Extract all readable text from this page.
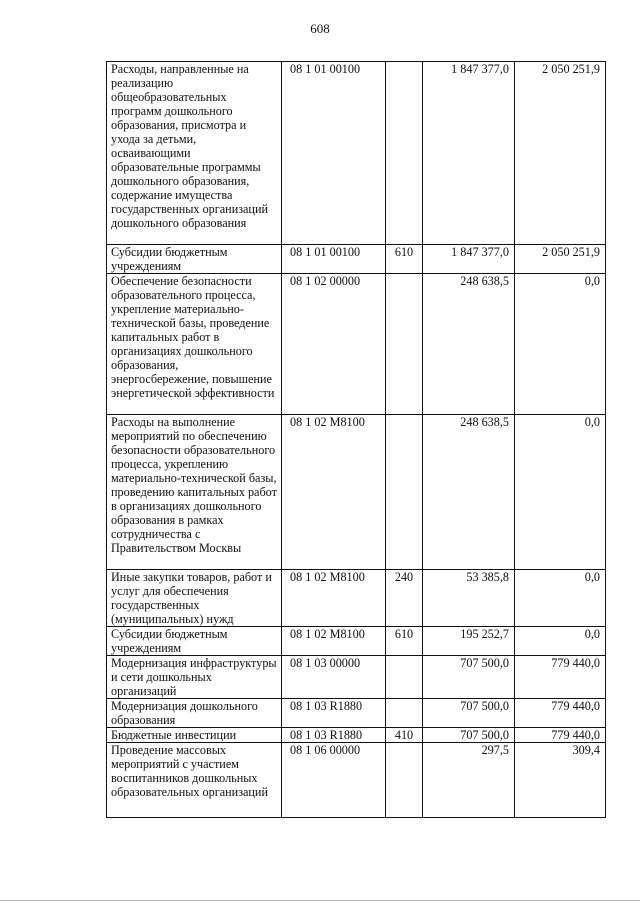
608
Расходы, направленные на реализацию общеобразовательных программ дошкольного образования, присмотра и ухода за детьми, осваивающими образовательные программы дошкольного образования, содержание имущества государственных организаций дошкольного образования	08 1 01 00100		1 847 377,0	2 050 251,9
Субсидии бюджетным учреждениям	08 1 01 00100	610	1 847 377,0	2 050 251,9
Обеспечение безопасности образовательного процесса, укрепление материально-технической базы, проведение капитальных работ в организациях дошкольного образования, энергосбережение, повышение энергетической эффективности	08 1 02 00000		248 638,5	0,0
Расходы на выполнение мероприятий по обеспечению безопасности образовательного процесса, укреплению материально-технической базы, проведению капитальных работ в организациях дошкольного образования в рамках сотрудничества с Правительством Москвы	08 1 02 M8100		248 638,5	0,0
Иные закупки товаров, работ и услуг для обеспечения государственных (муниципальных) нужд	08 1 02 M8100	240	53 385,8	0,0
Субсидии бюджетным учреждениям	08 1 02 M8100	610	195 252,7	0,0
Модернизация инфраструктуры и сети дошкольных организаций	08 1 03 00000		707 500,0	779 440,0
Модернизация дошкольного образования	08 1 03 R1880		707 500,0	779 440,0
Бюджетные инвестиции	08 1 03 R1880	410	707 500,0	779 440,0
Проведение массовых мероприятий с участием воспитанников дошкольных образовательных организаций	08 1 06 00000		297,5	309,4
